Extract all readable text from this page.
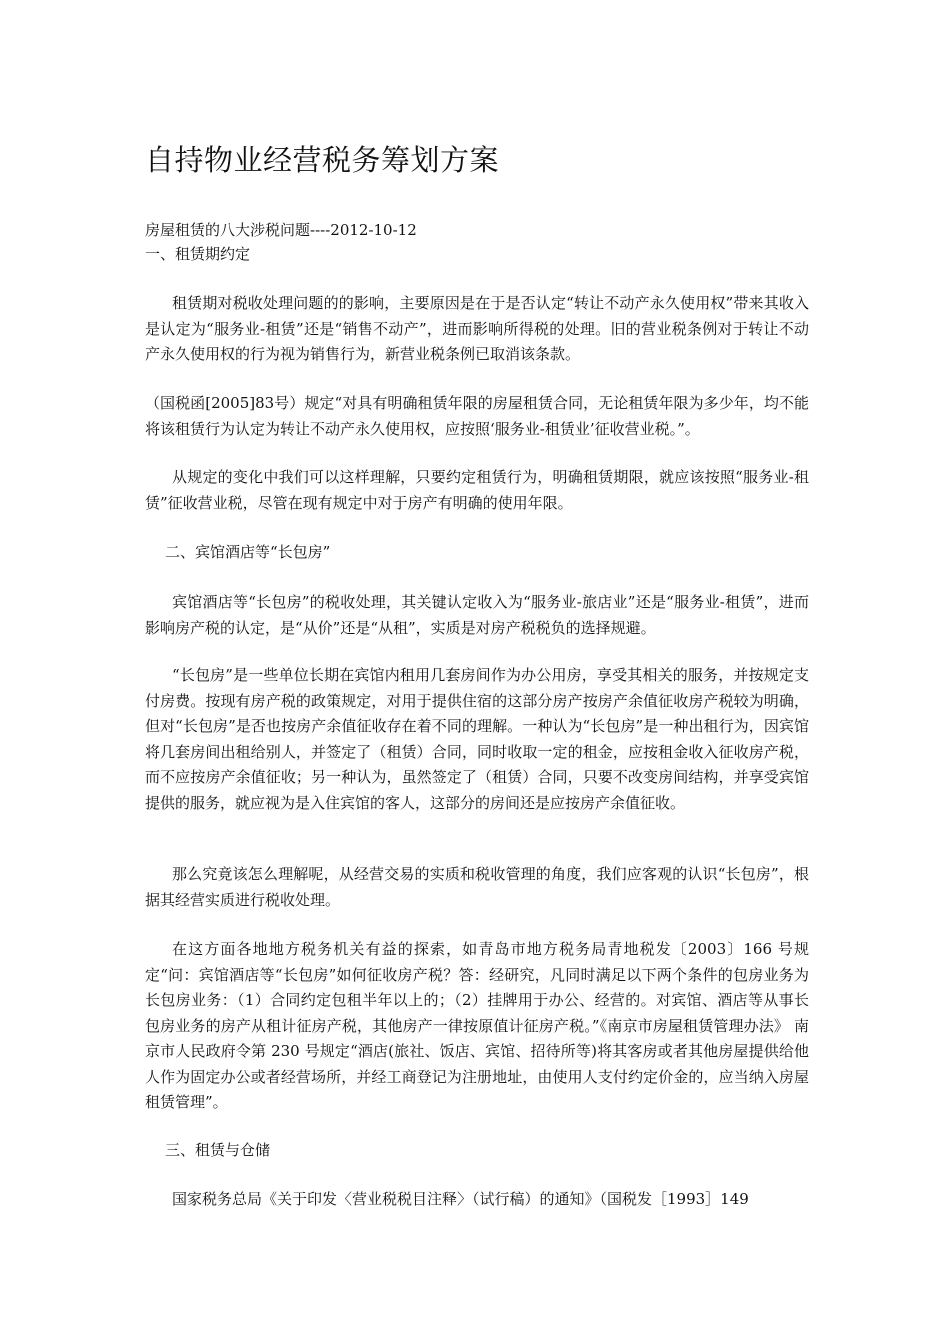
自持物业经营税务筹划方案
房屋租赁的八大涉税问题----2012-10-12
一、租赁期约定

租赁期对税收处理问题的的影响，主要原因是在于是否认定“转让不动产永久使用权”带来其收入是认定为“服务业-租赁”还是“销售不动产”，进而影响所得税的处理。旧的营业税条例对于转让不动产永久使用权的行为视为销售行为，新营业税条例已取消该条款。

（国税函[2005]83号）规定“对具有明确租赁年限的房屋租赁合同，无论租赁年限为多少年，均不能将该租赁行为认定为转让不动产永久使用权，应按照‘服务业-租赁业’征收营业税。”。

从规定的变化中我们可以这样理解，只要约定租赁行为，明确租赁期限，就应该按照“服务业-租赁”征收营业税，尽管在现有规定中对于房产有明确的使用年限。

二、宾馆酒店等“长包房”

宾馆酒店等“长包房”的税收处理，其关键认定收入为“服务业-旅店业”还是“服务业-租赁”，进而影响房产税的认定，是“从价”还是“从租”，实质是对房产税税负的选择规避。

“长包房”是一些单位长期在宾馆内租用几套房间作为办公用房，享受其相关的服务，并按规定支付房费。按现有房产税的政策规定，对用于提供住宿的这部分房产按房产余值征收房产税较为明确，但对“长包房”是否也按房产余值征收存在着不同的理解。一种认为“长包房”是一种出租行为，因宾馆将几套房间出租给别人，并签定了（租赁）合同，同时收取一定的租金，应按租金收入征收房产税，而不应按房产余值征收；另一种认为，虽然签定了（租赁）合同，只要不改变房间结构，并享受宾馆提供的服务，就应视为是入住宾馆的客人，这部分的房间还是应按房产余值征收。

那么究竟该怎么理解呢，从经营交易的实质和税收管理的角度，我们应客观的认识“长包房”，根据其经营实质进行税收处理。

在这方面各地地方税务机关有益的探索，如青岛市地方税务局青地税发〔2003〕166 号规定“问：宾馆酒店等“长包房”如何征收房产税？答：经研究，凡同时满足以下两个条件的包房业务为长包房业务：（1）合同约定包租半年以上的；（2）挂牌用于办公、经营的。对宾馆、酒店等从事长包房业务的房产从租计征房产税，其他房产一律按原值计征房产税。”《南京市房屋租赁管理办法》 南京市人民政府令第 230 号规定“酒店(旅社、饭店、宾馆、招待所等)将其客房或者其他房屋提供给他人作为固定办公或者经营场所，并经工商登记为注册地址，由使用人支付约定价金的，应当纳入房屋租赁管理”。

三、租赁与仓储

国家税务总局《关于印发〈营业税税目注释〉（试行稿）的通知》（国税发［1993］149
